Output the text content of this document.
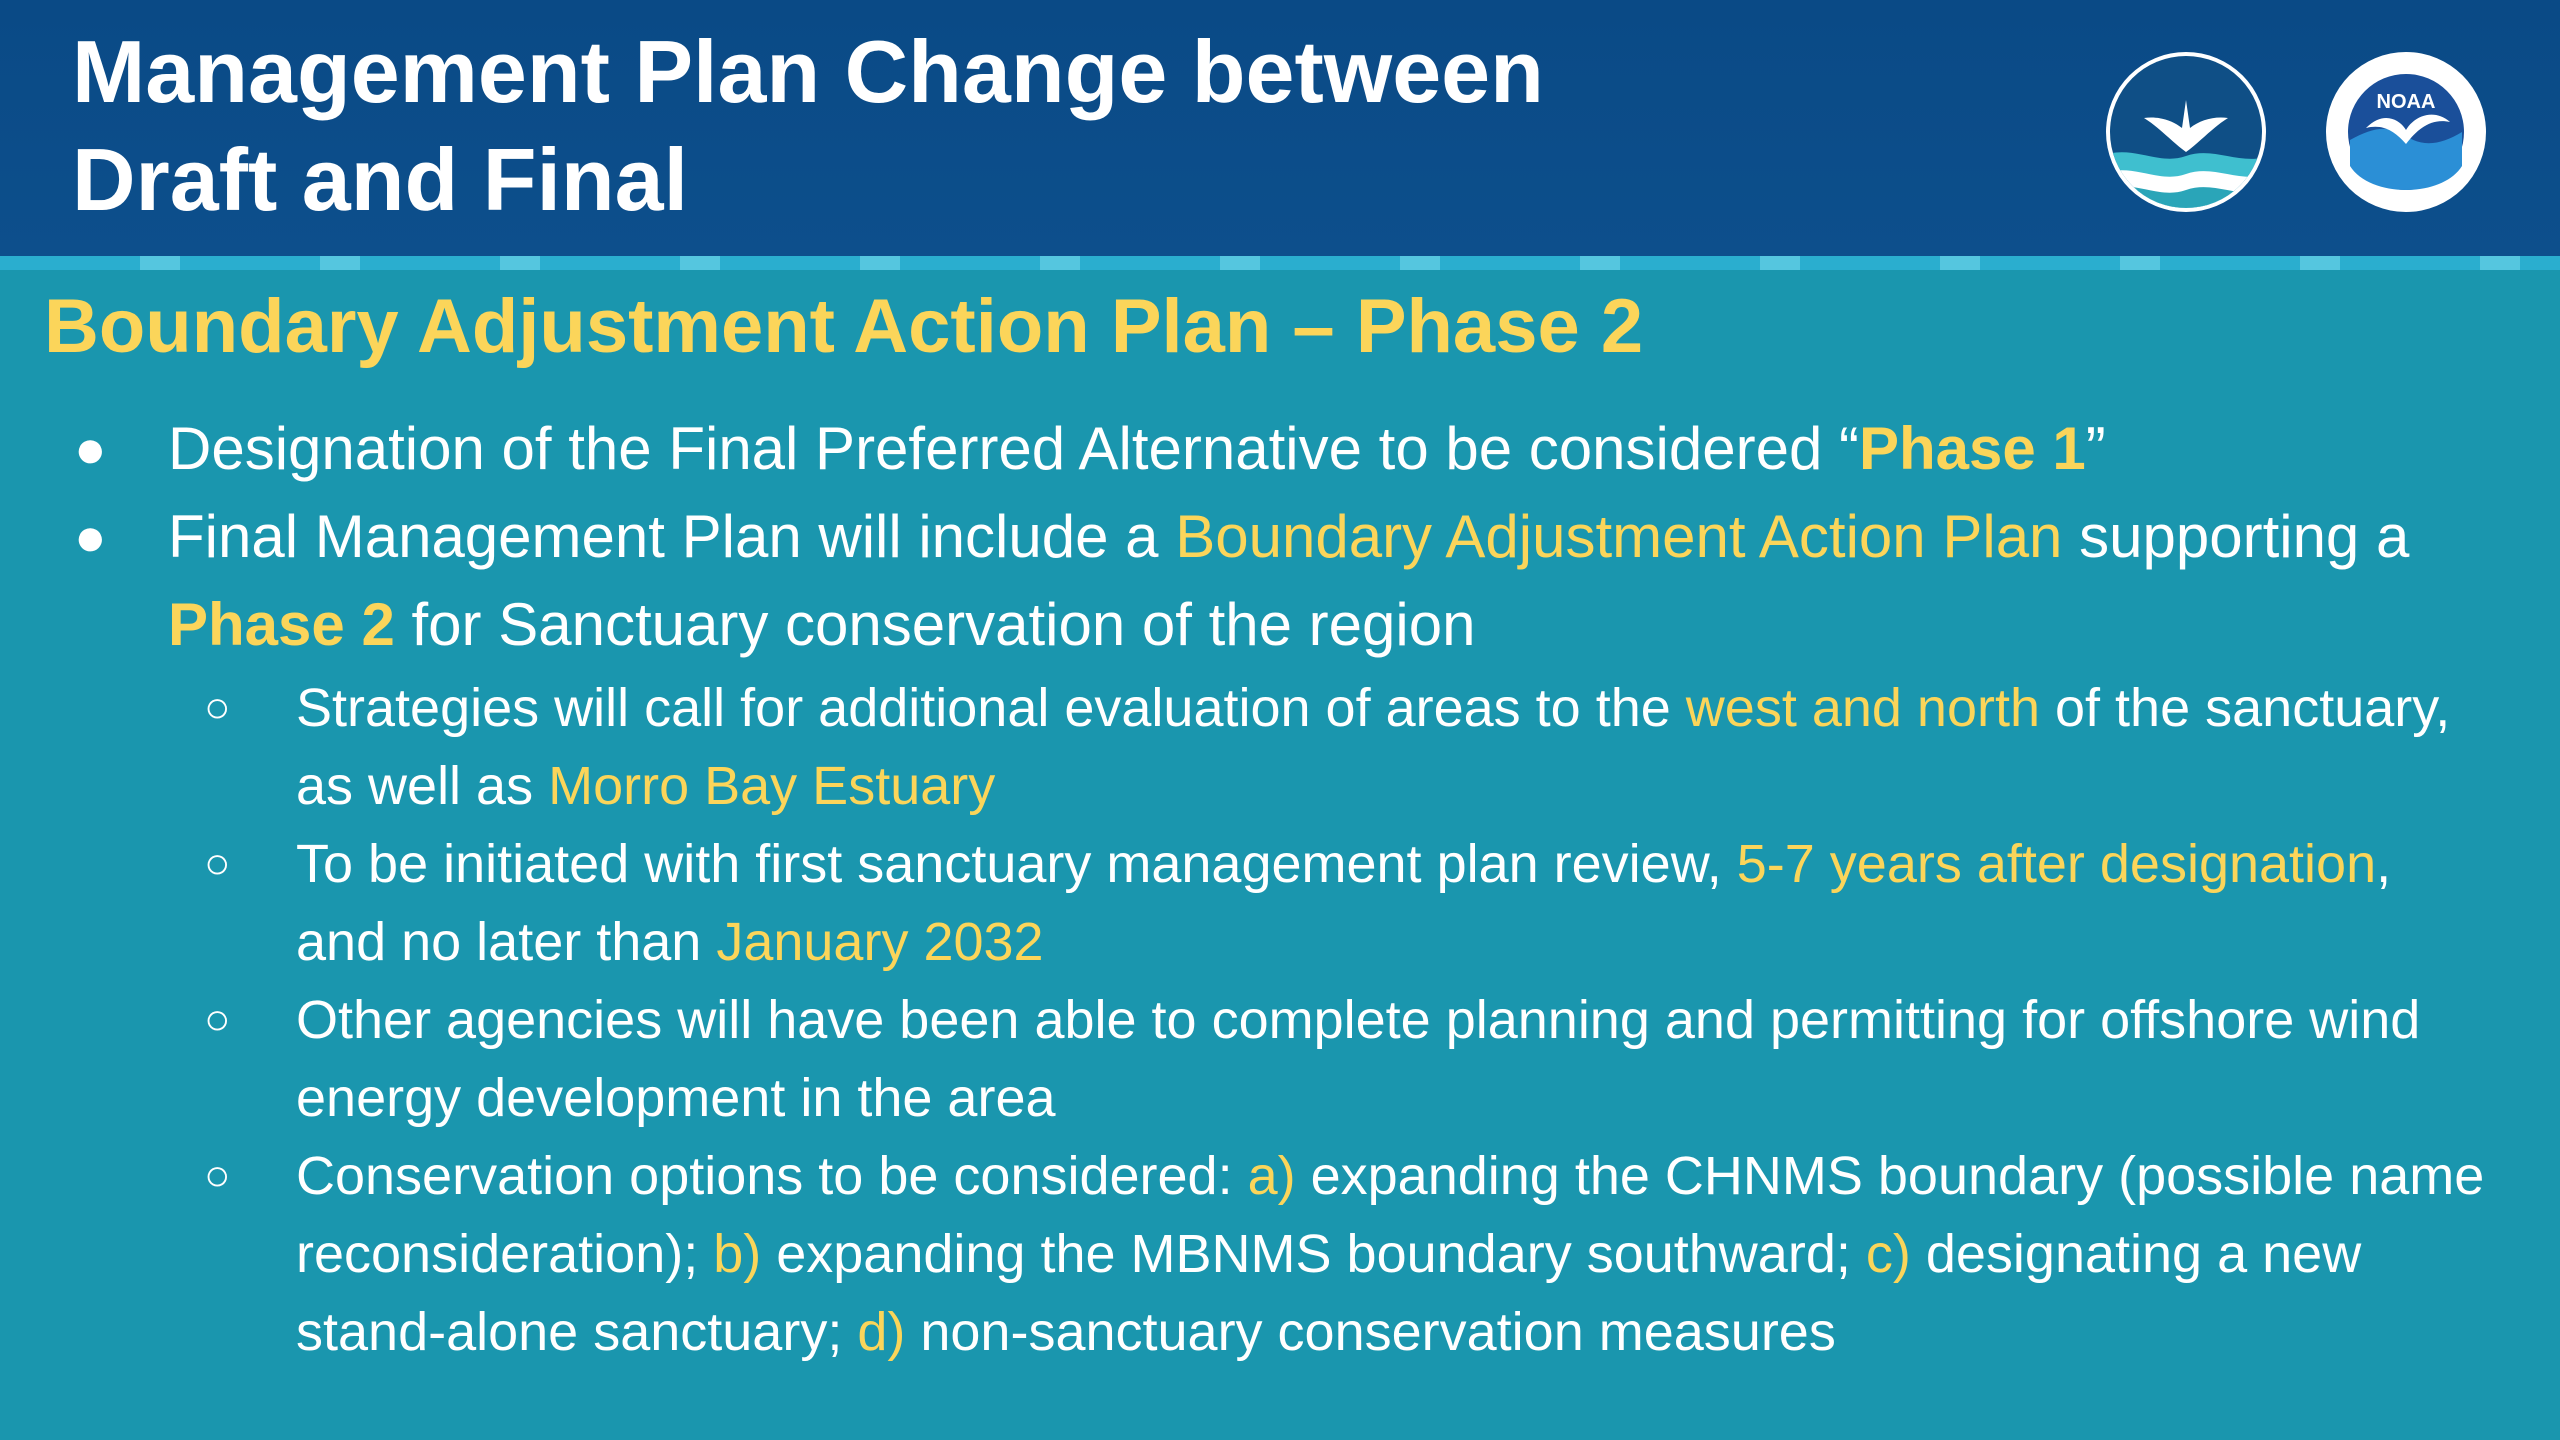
Management Plan Change between
Draft and Final
NOAA
Boundary Adjustment Action Plan – Phase 2
● Designation of the Final Preferred Alternative to be considered “Phase 1”
● Final Management Plan will include a Boundary Adjustment Action Plan supporting a Phase 2 for Sanctuary conservation of the region
○ Strategies will call for additional evaluation of areas to the west and north of the sanctuary, as well as Morro Bay Estuary
○ To be initiated with first sanctuary management plan review, 5-7 years after designation, and no later than January 2032
○ Other agencies will have been able to complete planning and permitting for offshore wind energy development in the area
○ Conservation options to be considered: a) expanding the CHNMS boundary (possible name reconsideration); b) expanding the MBNMS boundary southward; c) designating a new stand-alone sanctuary; d) non-sanctuary conservation measures
